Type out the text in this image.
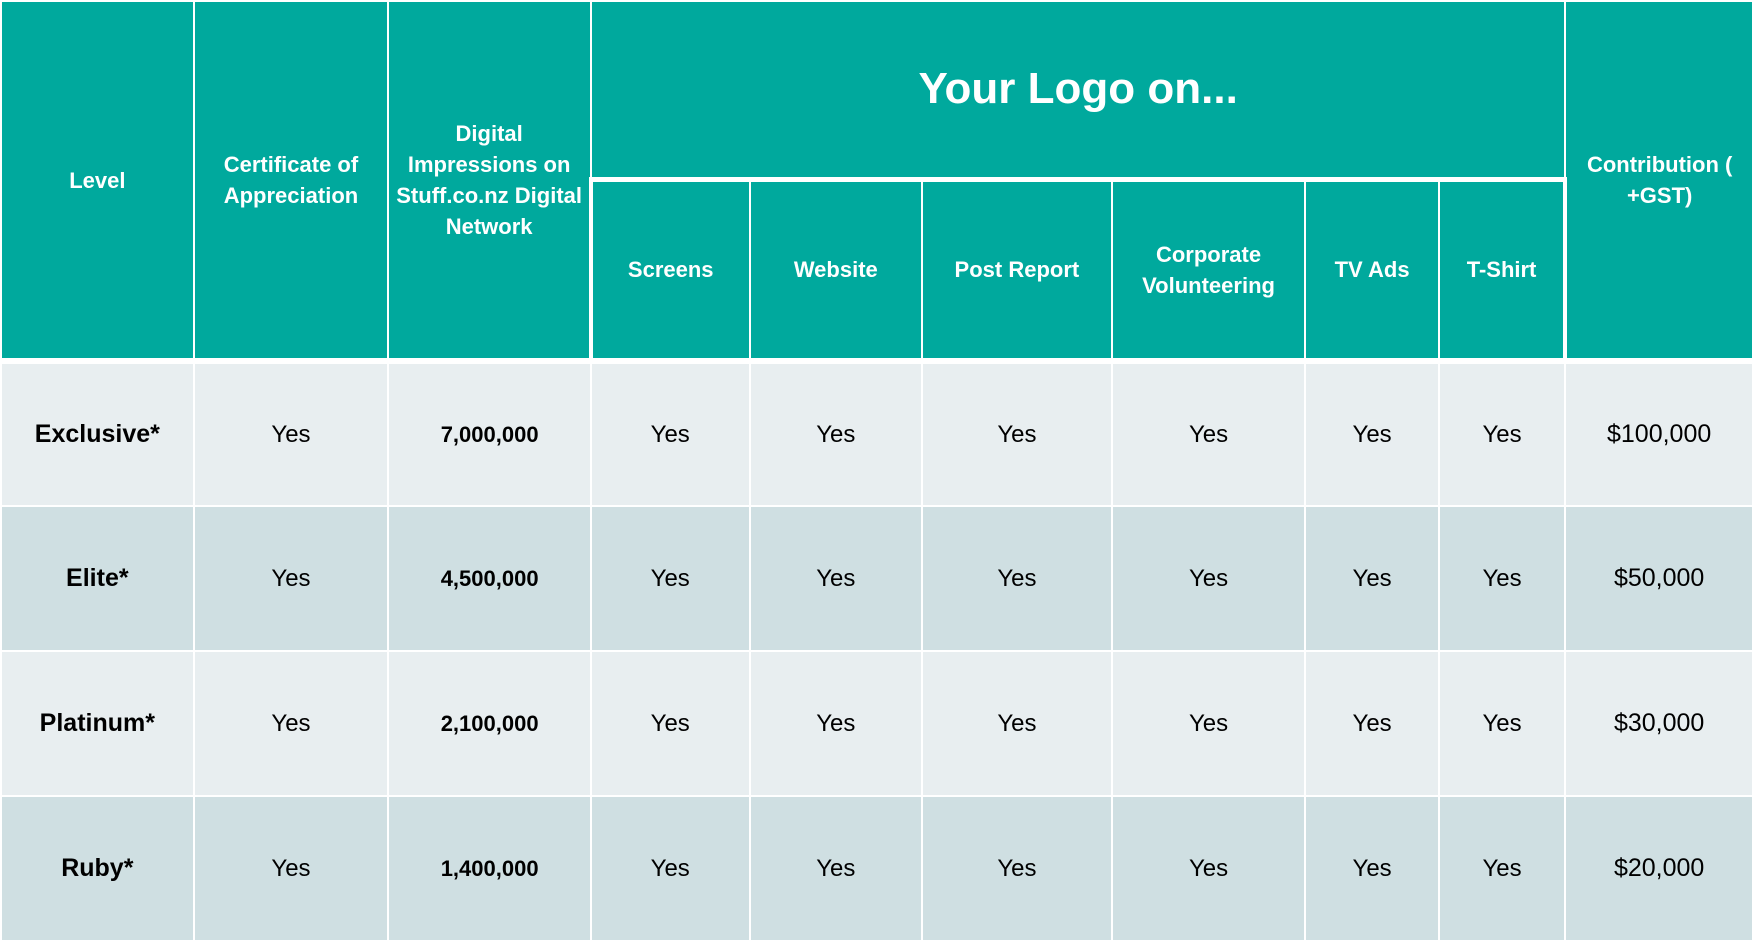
Level	Certificate of Appreciation	Digital Impressions on Stuff.co.nz Digital Network	Your Logo on...						Contribution ( +GST)
			Screens	Website	Post Report	Corporate Volunteering	TV Ads	T-Shirt	
Exclusive*	Yes	7,000,000	Yes	Yes	Yes	Yes	Yes	Yes	$100,000
Elite*	Yes	4,500,000	Yes	Yes	Yes	Yes	Yes	Yes	$50,000
Platinum*	Yes	2,100,000	Yes	Yes	Yes	Yes	Yes	Yes	$30,000
Ruby*	Yes	1,400,000	Yes	Yes	Yes	Yes	Yes	Yes	$20,000
